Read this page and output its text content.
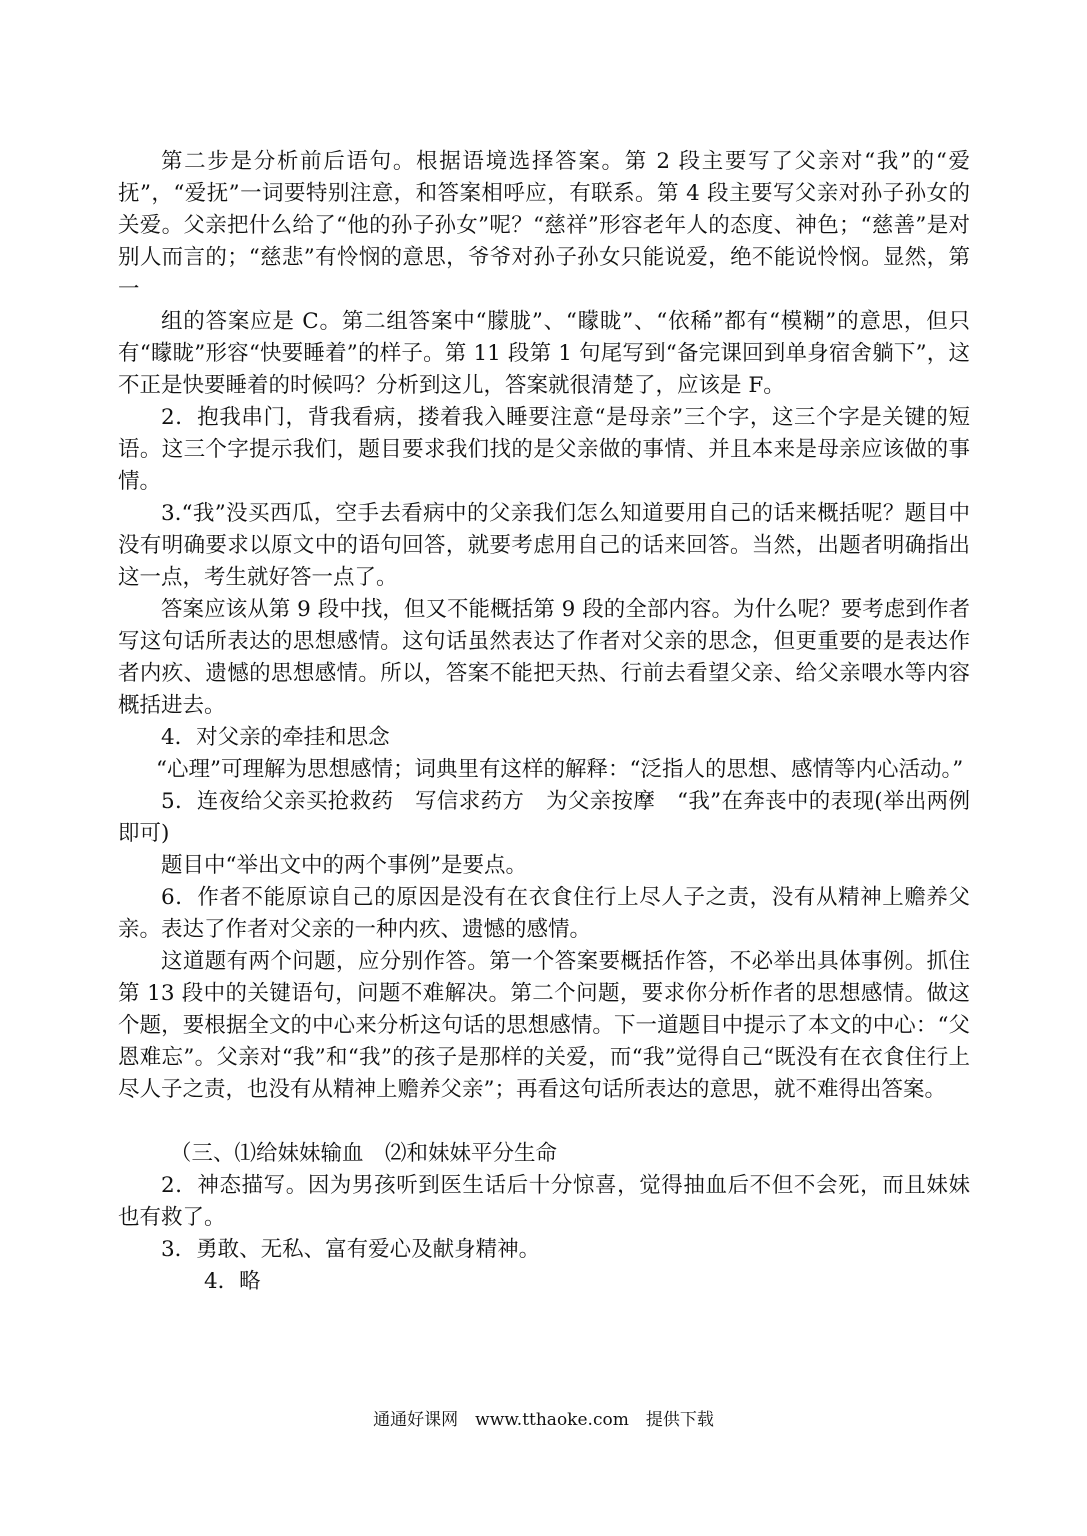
第二步是分析前后语句。根据语境选择答案。第 2 段主要写了父亲对“我”的“爱抚”，“爱抚”一词要特别注意，和答案相呼应，有联系。第 4 段主要写父亲对孙子孙女的关爱。父亲把什么给了“他的孙子孙女”呢？“慈祥”形容老年人的态度、神色；“慈善”是对别人而言的；“慈悲”有怜悯的意思，爷爷对孙子孙女只能说爱，绝不能说怜悯。显然，第一

组的答案应是 C。第二组答案中“朦胧”、“矇眬”、“依稀”都有“模糊”的意思，但只有“矇眬”形容“快要睡着”的样子。第 11 段第 1 句尾写到“备完课回到单身宿舍躺下”，这不正是快要睡着的时候吗？分析到这儿，答案就很清楚了，应该是 F。

2．抱我串门，背我看病，搂着我入睡要注意“是母亲”三个字，这三个字是关键的短语。这三个字提示我们，题目要求我们找的是父亲做的事情、并且本来是母亲应该做的事情。

3.“我”没买西瓜，空手去看病中的父亲我们怎么知道要用自己的话来概括呢？题目中没有明确要求以原文中的语句回答，就要考虑用自己的话来回答。当然，出题者明确指出这一点，考生就好答一点了。

答案应该从第 9 段中找，但又不能概括第 9 段的全部内容。为什么呢？要考虑到作者写这句话所表达的思想感情。这句话虽然表达了作者对父亲的思念，但更重要的是表达作者内疚、遗憾的思想感情。所以，答案不能把天热、行前去看望父亲、给父亲喂水等内容概括进去。

4．对父亲的牵挂和思念

“心理”可理解为思想感情；词典里有这样的解释：“泛指人的思想、感情等内心活动。”

5．连夜给父亲买抢救药　写信求药方　为父亲按摩　“我”在奔丧中的表现(举出两例即可)

题目中“举出文中的两个事例”是要点。

6．作者不能原谅自己的原因是没有在衣食住行上尽人子之责，没有从精神上赡养父亲。表达了作者对父亲的一种内疚、遗憾的感情。

这道题有两个问题，应分别作答。第一个答案要概括作答，不必举出具体事例。抓住第 13 段中的关键语句，问题不难解决。第二个问题，要求你分析作者的思想感情。做这个题，要根据全文的中心来分析这句话的思想感情。下一道题目中提示了本文的中心：“父恩难忘”。父亲对“我”和“我”的孩子是那样的关爱，而“我”觉得自己“既没有在衣食住行上尽人子之责，也没有从精神上赡养父亲”；再看这句话所表达的意思，就不难得出答案。

（三、⑴给妹妹输血　⑵和妹妹平分生命

2．神态描写。因为男孩听到医生话后十分惊喜，觉得抽血后不但不会死，而且妹妹也有救了。

3．勇敢、无私、富有爱心及献身精神。

4．略

通通好课网　www.tthaoke.com　提供下载
